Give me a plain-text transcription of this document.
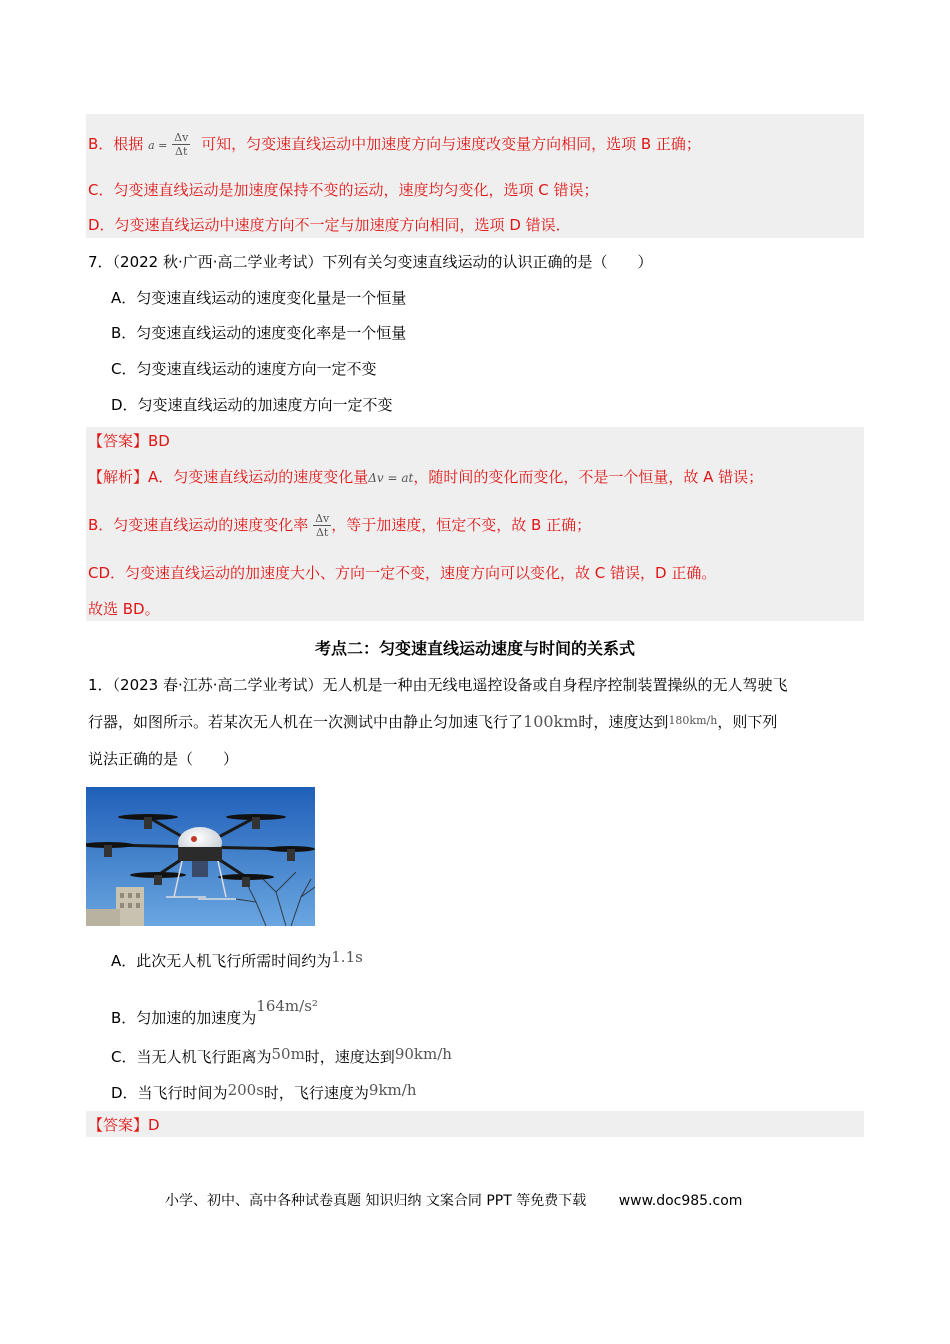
B．根据 $a = \frac{\Delta v}{\Delta t}$ 可知，匀变速直线运动中加速度方向与速度改变量方向相同，选项 B 正确；
C．匀变速直线运动是加速度保持不变的运动，速度均匀变化，选项 C 错误；
D．匀变速直线运动中速度方向不一定与加速度方向相同，选项 D 错误．
7．（2022 秋·广西·高二学业考试）下列有关匀变速直线运动的认识正确的是（　　）
A．匀变速直线运动的速度变化量是一个恒量
B．匀变速直线运动的速度变化率是一个恒量
C．匀变速直线运动的速度方向一定不变
D．匀变速直线运动的加速度方向一定不变
【答案】BD
【解析】A．匀变速直线运动的速度变化量Δv = at，随时间的变化而变化，不是一个恒量，故 A 错误；
B．匀变速直线运动的速度变化率 $\frac{\Delta v}{\Delta t}$ ，等于加速度，恒定不变，故 B 正确；
CD．匀变速直线运动的加速度大小、方向一定不变，速度方向可以变化，故 C 错误，D 正确。
故选 BD。
考点二：匀变速直线运动速度与时间的关系式
1．（2023 春·江苏·高二学业考试）无人机是一种由无线电遥控设备或自身程序控制装置操纵的无人驾驶飞
行器，如图所示。若某次无人机在一次测试中由静止匀加速飞行了100km时，速度达到$^{180km/h}$，则下列
说法正确的是（　　）
A．此次无人机飞行所需时间约为1.1s
B．匀加速的加速度为164m/s²
C．当无人机飞行距离为50m时，速度达到90km/h
D．当飞行时间为200s时，飞行速度为9km/h
【答案】D
小学、初中、高中各种试卷真题 知识归纳 文案合同 PPT 等免费下载 www.doc985.com
